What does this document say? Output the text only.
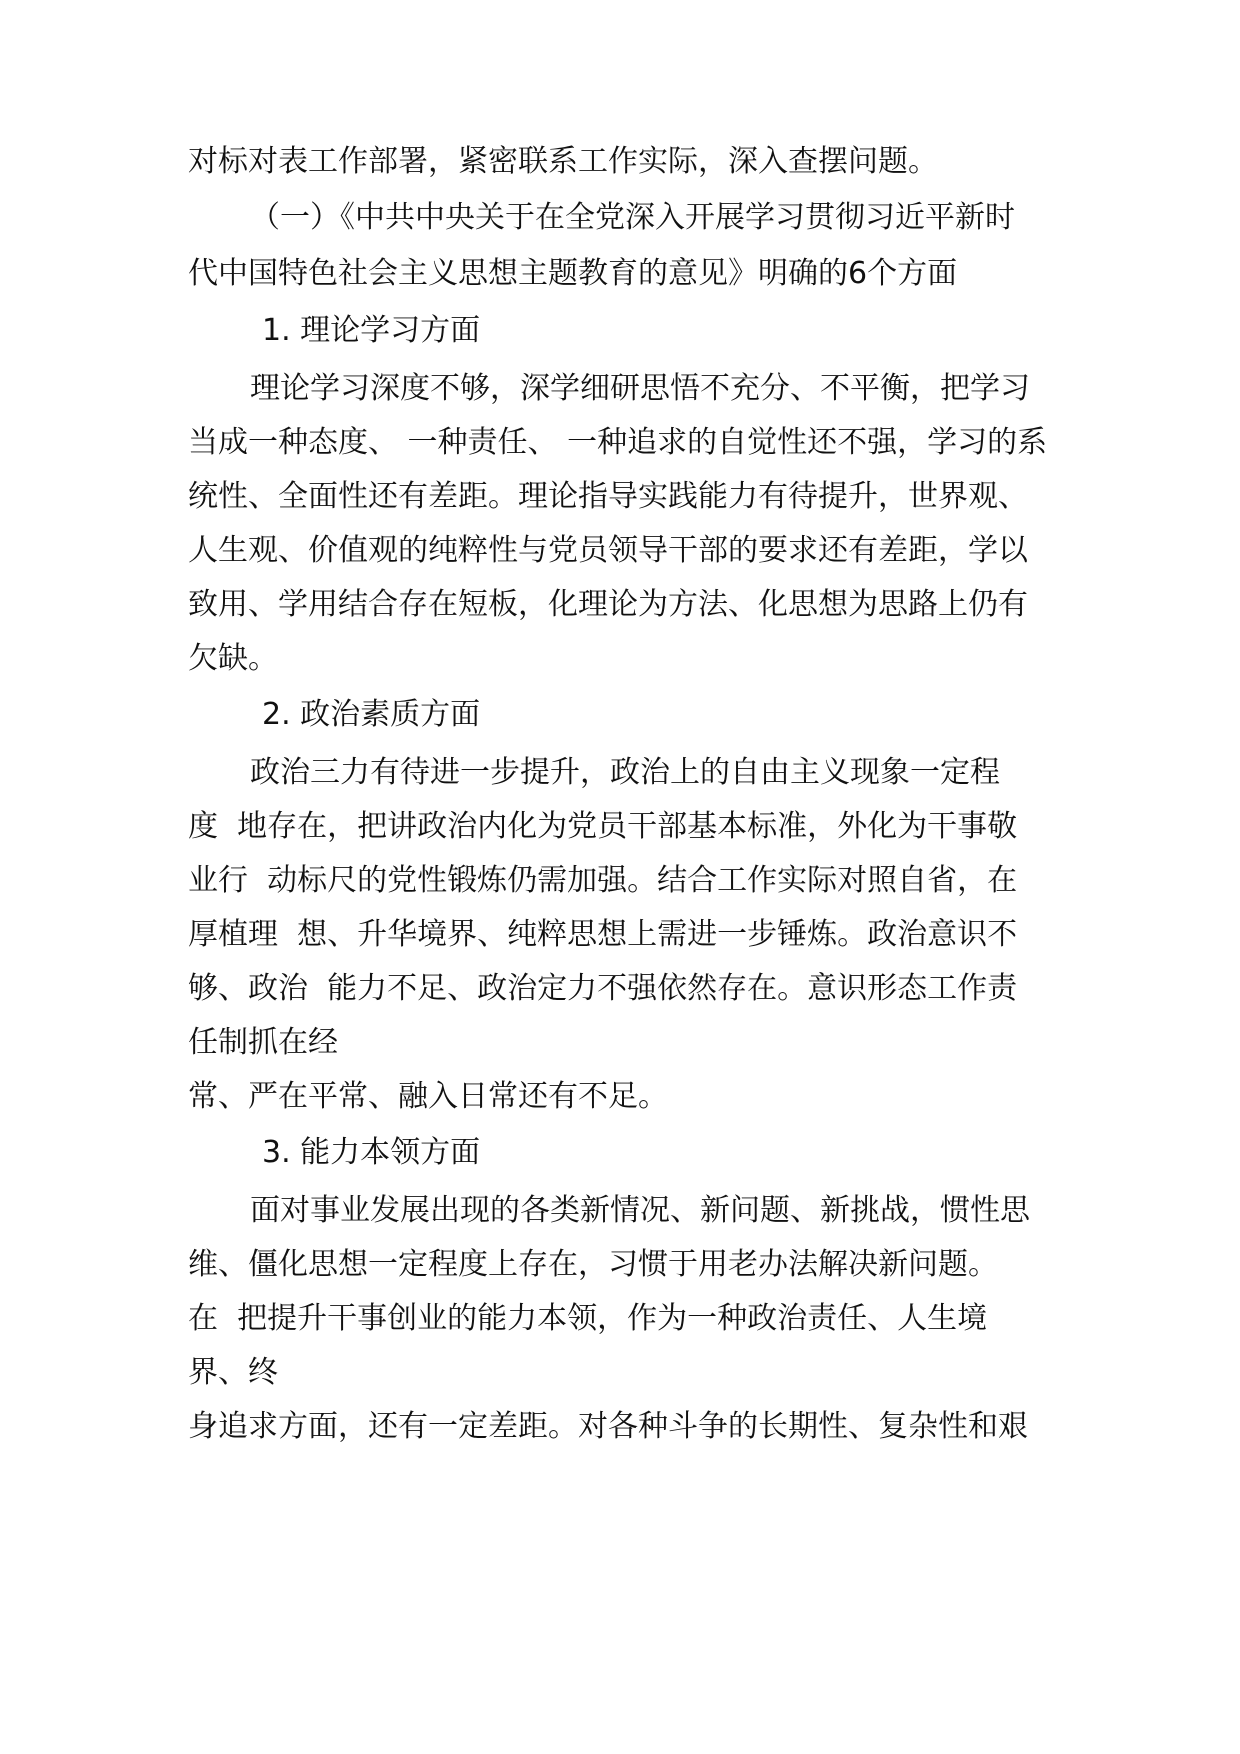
对标对表工作部署，紧密联系工作实际，深入查摆问题。
（一）《中共中央关于在全党深入开展学习贯彻习近平新时
代中国特色社会主义思想主题教育的意见》明确的6个方面
1. 理论学习方面
理论学习深度不够，深学细研思悟不充分、不平衡，把学习
当成一种态度、 一种责任、 一种追求的自觉性还不强，学习的系
统性、全面性还有差距。理论指导实践能力有待提升，世界观、
人生观、价值观的纯粹性与党员领导干部的要求还有差距，学以
致用、学用结合存在短板，化理论为方法、化思想为思路上仍有
欠缺。
2. 政治素质方面
政治三力有待进一步提升，政治上的自由主义现象一定程
度  地存在，把讲政治内化为党员干部基本标准，外化为干事敬
业行  动标尺的党性锻炼仍需加强。结合工作实际对照自省，在
厚植理  想、升华境界、纯粹思想上需进一步锤炼。政治意识不
够、政治  能力不足、政治定力不强依然存在。意识形态工作责
任制抓在经
常、严在平常、融入日常还有不足。
3. 能力本领方面
面对事业发展出现的各类新情况、新问题、新挑战，惯性思
维、僵化思想一定程度上存在，习惯于用老办法解决新问题。
在  把提升干事创业的能力本领，作为一种政治责任、人生境
界、终
身追求方面，还有一定差距。对各种斗争的长期性、复杂性和艰
